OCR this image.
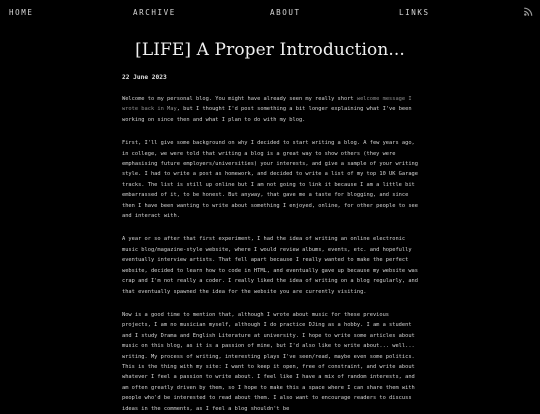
HOME	ARCHIVE	ABOUT	LINKS
[LIFE] A Proper Introduction...
22 June 2023

Welcome to my personal blog. You might have already seen my really short welcome message I wrote back in May, but I thought I'd post something a bit longer explaining what I've been working on since then and what I plan to do with my blog.

First, I'll give some background on why I decided to start writing a blog. A few years ago, in college, we were told that writing a blog is a great way to show others (they were emphasising future employers/universities) your interests, and give a sample of your writing style. I had to write a post as homework, and decided to write a list of my top 10 UK Garage tracks. The list is still up online but I am not going to link it because I am a little bit embarrassed of it, to be honest. But anyway, that gave me a taste for blogging, and since then I have been wanting to write about something I enjoyed, online, for other people to see and interact with.

A year or so after that first experiment, I had the idea of writing an online electronic music blog/magazine-style website, where I would review albums, events, etc. and hopefully eventually interview artists. That fell apart because I really wanted to make the perfect website, decided to learn how to code in HTML, and eventually gave up because my website was crap and I'm not really a coder. I really liked the idea of writing on a blog regularly, and that eventually spawned the idea for the website you are currently visiting.

Now is a good time to mention that, although I wrote about music for these previous projects, I am no musician myself, although I do practice DJing as a hobby. I am a student and I study Drama and English Literature at university. I hope to write some articles about music on this blog, as it is a passion of mine, but I'd also like to write about... well... writing. My process of writing, interesting plays I've seen/read, maybe even some politics. This is the thing with my site: I want to keep it open, free of constraint, and write about whatever I feel a passion to write about. I feel like I have a mix of random interests, and am often greatly driven by them, so I hope to make this a space where I can share them with people who'd be interested to read about them. I also want to encourage readers to discuss ideas in the comments, as I feel a blog shouldn't be
